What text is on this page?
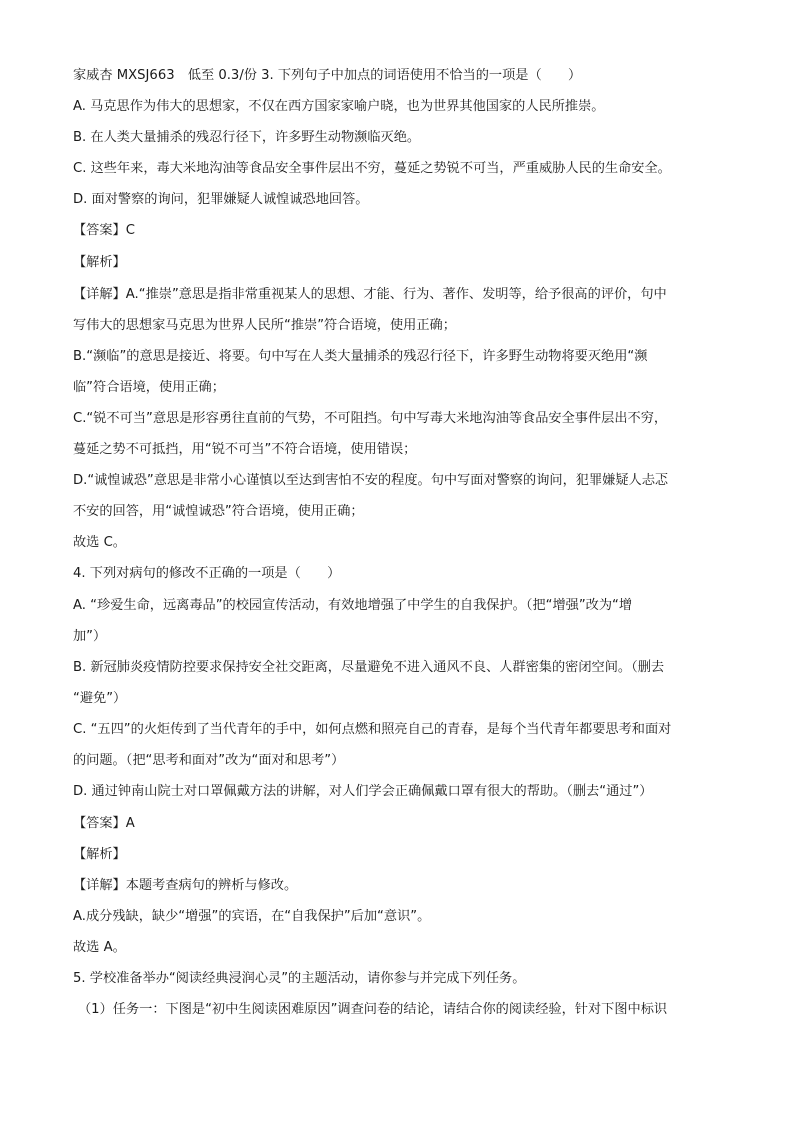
家威杏 MXSJ663　低至 0.3/份 3. 下列句子中加点的词语使用不恰当的一项是（　　）
A. 马克思作为伟大的思想家，不仅在西方国家家喻户晓，也为世界其他国家的人民所推崇。
B. 在人类大量捕杀的残忍行径下，许多野生动物濒临灭绝。
C. 这些年来，毒大米地沟油等食品安全事件层出不穷，蔓延之势锐不可当，严重威胁人民的生命安全。
D. 面对警察的询问，犯罪嫌疑人诚惶诚恐地回答。
【答案】C
【解析】
【详解】A.“推崇”意思是指非常重视某人的思想、才能、行为、著作、发明等，给予很高的评价，句中
写伟大的思想家马克思为世界人民所“推崇”符合语境，使用正确；
B.“濒临”的意思是接近、将要。句中写在人类大量捕杀的残忍行径下，许多野生动物将要灭绝用“濒
临”符合语境，使用正确；
C.“锐不可当”意思是形容勇往直前的气势，不可阻挡。句中写毒大米地沟油等食品安全事件层出不穷，
蔓延之势不可抵挡，用“锐不可当”不符合语境，使用错误；
D.“诚惶诚恐”意思是非常小心谨慎以至达到害怕不安的程度。句中写面对警察的询问，犯罪嫌疑人忐忑
不安的回答，用“诚惶诚恐”符合语境，使用正确；
故选 C。
4. 下列对病句的修改不正确的一项是（　　）
A. “珍爱生命，远离毒品”的校园宣传活动，有效地增强了中学生的自我保护。（把“增强”改为“增
加”）
B. 新冠肺炎疫情防控要求保持安全社交距离，尽量避免不进入通风不良、人群密集的密闭空间。（删去
“避免”）
C. “五四”的火炬传到了当代青年的手中，如何点燃和照亮自己的青春，是每个当代青年都要思考和面对
的问题。（把“思考和面对”改为“面对和思考”）
D. 通过钟南山院士对口罩佩戴方法的讲解，对人们学会正确佩戴口罩有很大的帮助。（删去“通过”）
【答案】A
【解析】
【详解】本题考查病句的辨析与修改。
A.成分残缺，缺少“增强”的宾语，在“自我保护”后加“意识”。
故选 A。
5. 学校准备举办“阅读经典浸润心灵”的主题活动，请你参与并完成下列任务。
（1）任务一：下图是“初中生阅读困难原因”调查问卷的结论，请结合你的阅读经验，针对下图中标识
